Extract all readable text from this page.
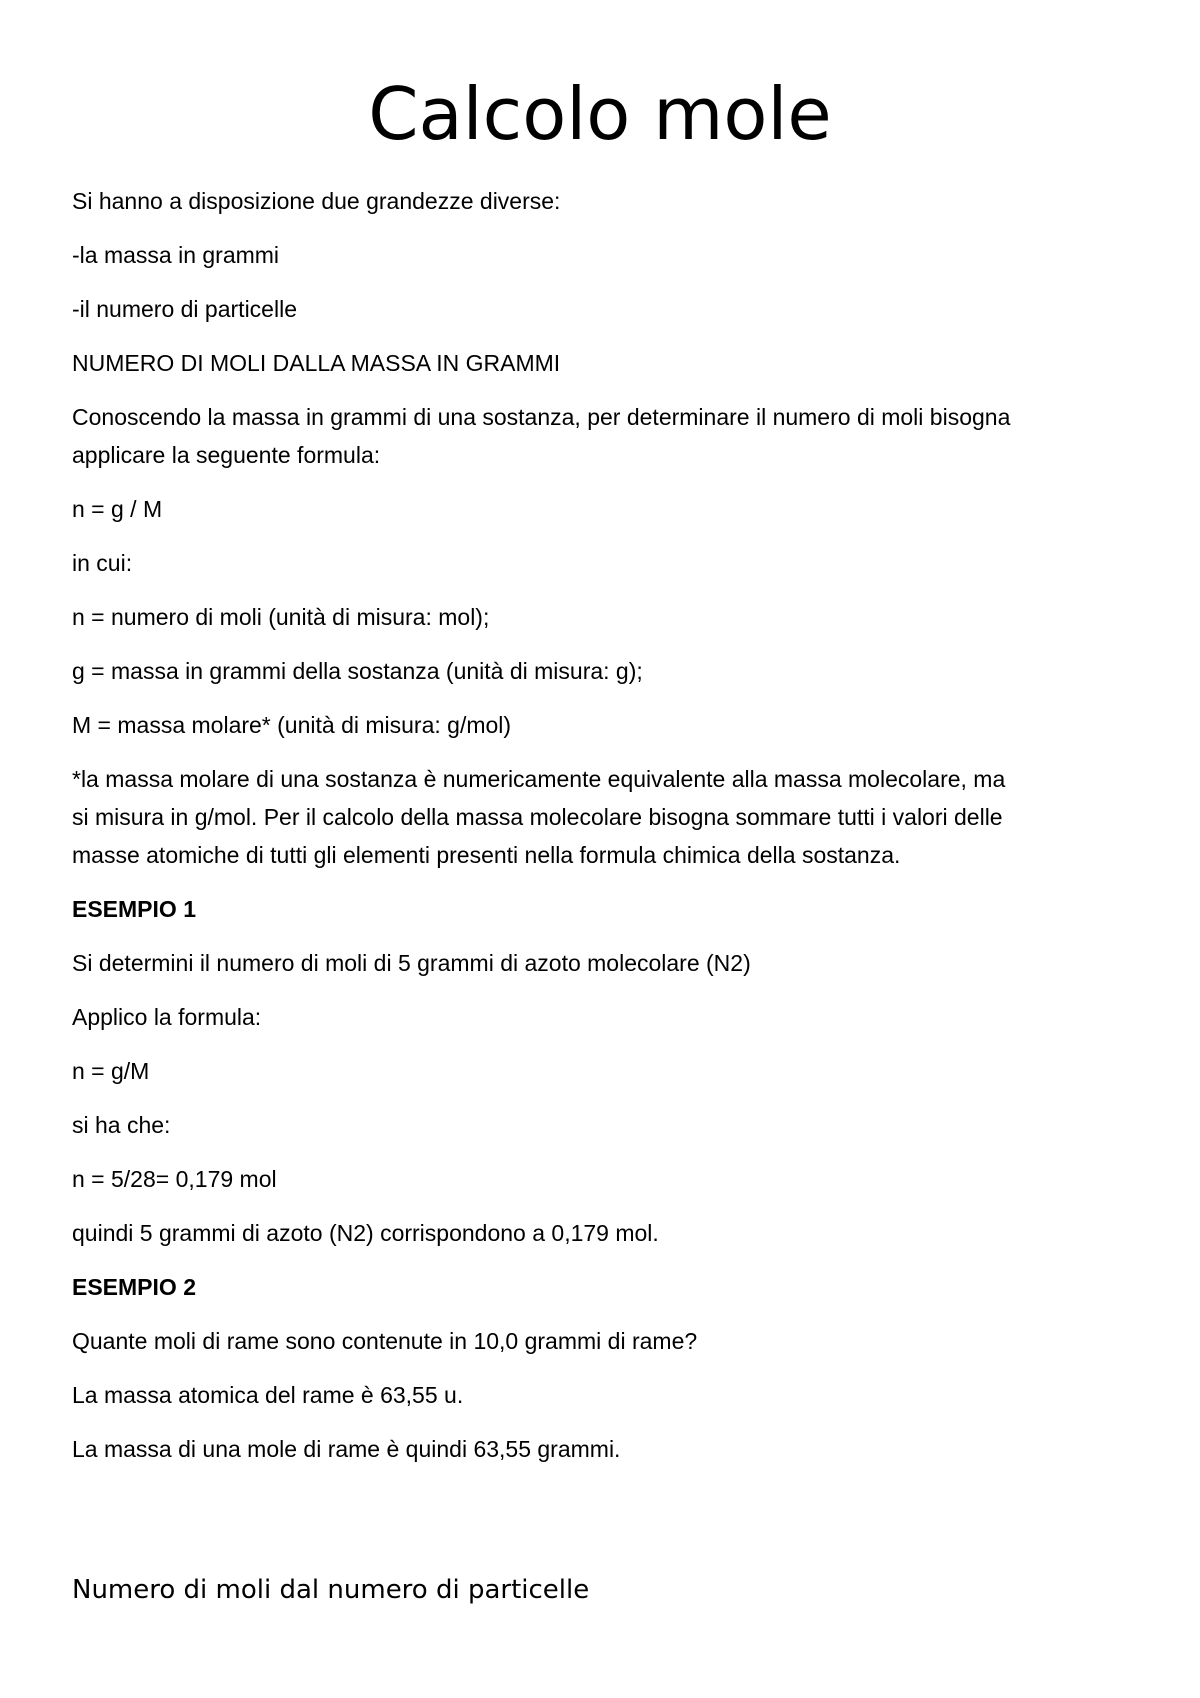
Calcolo mole

Si hanno a disposizione due grandezze diverse:

-la massa in grammi

-il numero di particelle

NUMERO DI MOLI DALLA MASSA IN GRAMMI

Conoscendo la massa in grammi di una sostanza, per determinare il numero di moli bisogna

applicare la seguente formula:

n = g / M

in cui:

n = numero di moli (unità di misura: mol);

g = massa in grammi della sostanza (unità di misura: g);

M = massa molare* (unità di misura: g/mol)

*la massa molare di una sostanza è numericamente equivalente alla massa molecolare, ma

si misura in g/mol. Per il calcolo della massa molecolare bisogna sommare tutti i valori delle

masse atomiche di tutti gli elementi presenti nella formula chimica della sostanza.

ESEMPIO 1

Si determini il numero di moli di 5 grammi di azoto molecolare (N2)

Applico la formula:

n = g/M

si ha che:

n = 5/28= 0,179 mol

quindi 5 grammi di azoto (N2) corrispondono a 0,179 mol.

ESEMPIO 2

Quante moli di rame sono contenute in 10,0 grammi di rame?

La massa atomica del rame è 63,55 u.

La massa di una mole di rame è quindi 63,55 grammi.

Numero di moli dal numero di particelle
